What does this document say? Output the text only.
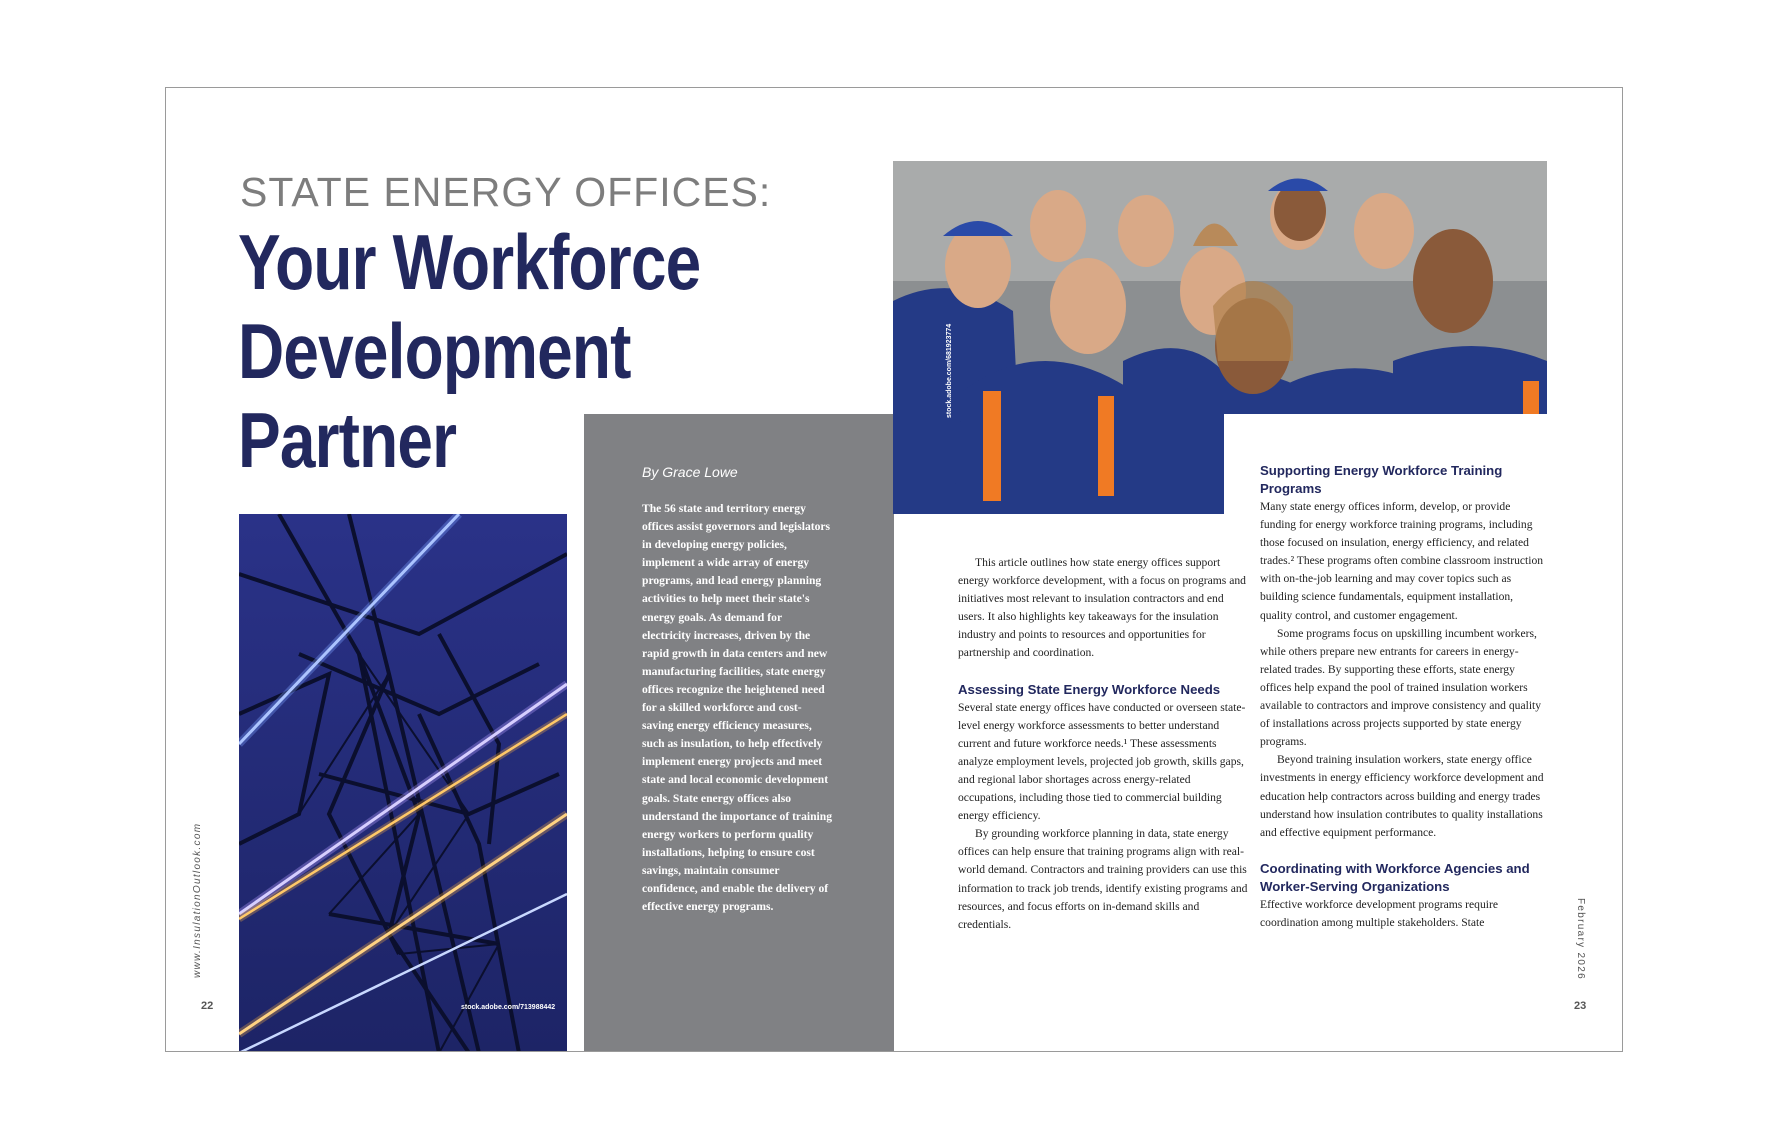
STATE ENERGY OFFICES:
Your Workforce
Development
Partner
stock.adobe.com/713988442

By Grace Lowe

The 56 state and territory energy offices assist governors and legislators in developing energy policies, implement a wide array of energy programs, and lead energy planning activities to help meet their state's energy goals. As demand for electricity increases, driven by the rapid growth in data centers and new manufacturing facilities, state energy offices recognize the heightened need for a skilled workforce and cost-saving energy efficiency measures, such as insulation, to help effectively implement energy projects and meet state and local economic development goals. State energy offices also understand the importance of training energy workers to perform quality installations, helping to ensure cost savings, maintain consumer confidence, and enable the delivery of effective energy programs.

stock.adobe.com/681923774

This article outlines how state energy offices support energy workforce development, with a focus on programs and initiatives most relevant to insulation contractors and end users. It also highlights key takeaways for the insulation industry and points to resources and opportunities for partnership and coordination.

Assessing State Energy Workforce Needs

Several state energy offices have conducted or overseen state-level energy workforce assessments to better understand current and future workforce needs.¹ These assessments analyze employment levels, projected job growth, skills gaps, and regional labor shortages across energy-related occupations, including those tied to commercial building energy efficiency.

By grounding workforce planning in data, state energy offices can help ensure that training programs align with real-world demand. Contractors and training providers can use this information to track job trends, identify existing programs and resources, and focus efforts on in-demand skills and credentials.

Supporting Energy Workforce Training Programs

Many state energy offices inform, develop, or provide funding for energy workforce training programs, including those focused on insulation, energy efficiency, and related trades.² These programs often combine classroom instruction with on-the-job learning and may cover topics such as building science fundamentals, equipment installation, quality control, and customer engagement.

Some programs focus on upskilling incumbent workers, while others prepare new entrants for careers in energy-related trades. By supporting these efforts, state energy offices help expand the pool of trained insulation workers available to contractors and improve consistency and quality of installations across projects supported by state energy programs.

Beyond training insulation workers, state energy office investments in energy efficiency workforce development and education help contractors across building and energy trades understand how insulation contributes to quality installations and effective equipment performance.

Coordinating with Workforce Agencies and Worker-Serving Organizations

Effective workforce development programs require coordination among multiple stakeholders. State

www.InsulationOutlook.com
22
February 2026
23
